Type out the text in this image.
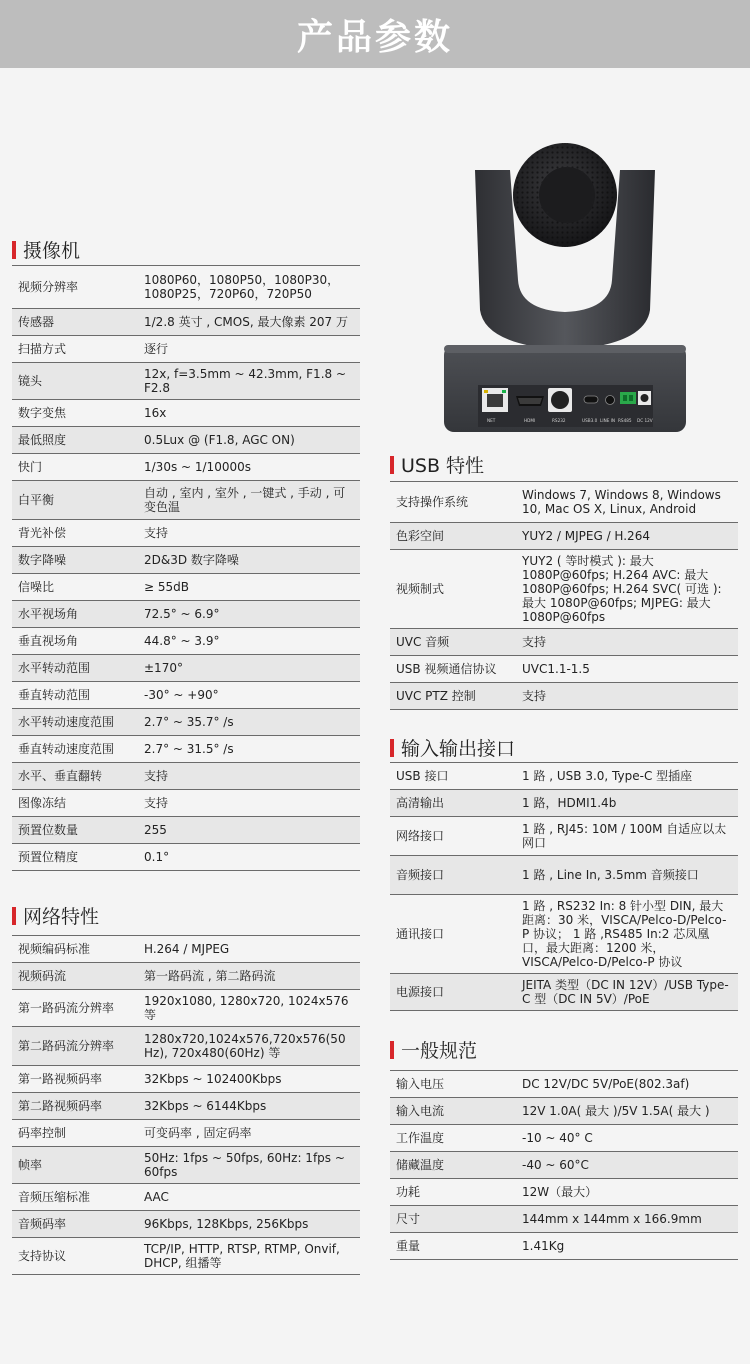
产品参数
NET	HDMI	RS232	USB3.0 LINE IN RS485 DC 12V
摄像机
视频分辨率	1080P60，1080P50，1080P30，1080P25，720P60，720P50
传感器	1/2.8 英寸 , CMOS, 最大像素 207 万
扫描方式	逐行
镜头	12x, f=3.5mm ~ 42.3mm, F1.8 ~ F2.8
数字变焦	16x
最低照度	0.5Lux @ (F1.8, AGC ON)
快门	1/30s ~ 1/10000s
白平衡	自动 , 室内 , 室外 , 一键式 , 手动 , 可变色温
背光补偿	支持
数字降噪	2D&3D 数字降噪
信噪比	≥ 55dB
水平视场角	72.5° ~ 6.9°
垂直视场角	44.8° ~ 3.9°
水平转动范围	±170°
垂直转动范围	-30° ~ +90°
水平转动速度范围	2.7° ~ 35.7° /s
垂直转动速度范围	2.7° ~ 31.5° /s
水平、垂直翻转	支持
图像冻结	支持
预置位数量	255
预置位精度	0.1°
网络特性
视频编码标准	H.264 / MJPEG
视频码流	第一路码流 , 第二路码流
第一路码流分辨率	1920x1080, 1280x720, 1024x576 等
第二路码流分辨率	1280x720,1024x576,720x576(50Hz), 720x480(60Hz) 等
第一路视频码率	32Kbps ~ 102400Kbps
第二路视频码率	32Kbps ~ 6144Kbps
码率控制	可变码率 , 固定码率
帧率	50Hz: 1fps ~ 50fps, 60Hz: 1fps ~ 60fps
音频压缩标准	AAC
音频码率	96Kbps, 128Kbps, 256Kbps
支持协议	TCP/IP, HTTP, RTSP, RTMP, Onvif, DHCP, 组播等
USB 特性
支持操作系统	Windows 7, Windows 8, Windows 10, Mac OS X, Linux, Android
色彩空间	YUY2 / MJPEG / H.264
视频制式	YUY2 ( 等时模式 ): 最大 1080P@60fps; H.264 AVC: 最大 1080P@60fps; H.264 SVC( 可选 ): 最大 1080P@60fps; MJPEG: 最大 1080P@60fps
UVC 音频	支持
USB 视频通信协议	UVC1.1-1.5
UVC PTZ 控制	支持
输入输出接口
USB 接口	1 路 , USB 3.0, Type-C 型插座
高清输出	1 路，HDMI1.4b
网络接口	1 路 , RJ45: 10M / 100M 自适应以太网口
音频接口	1 路 , Line In, 3.5mm 音频接口
通讯接口	1 路 , RS232 In: 8 针小型 DIN, 最大距离：30 米，VISCA/Pelco-D/Pelco-P 协议； 1 路 ,RS485 In:2 芯凤凰口，最大距离：1200 米，VISCA/Pelco-D/Pelco-P 协议
电源接口	JEITA 类型（DC IN 12V）/USB Type-C 型（DC IN 5V）/PoE
一般规范
输入电压	DC 12V/DC 5V/PoE(802.3af)
输入电流	12V 1.0A( 最大 )/5V 1.5A( 最大 )
工作温度	-10 ~ 40° C
储藏温度	-40 ~ 60°C
功耗	12W（最大）
尺寸	144mm x 144mm x 166.9mm
重量	1.41Kg
